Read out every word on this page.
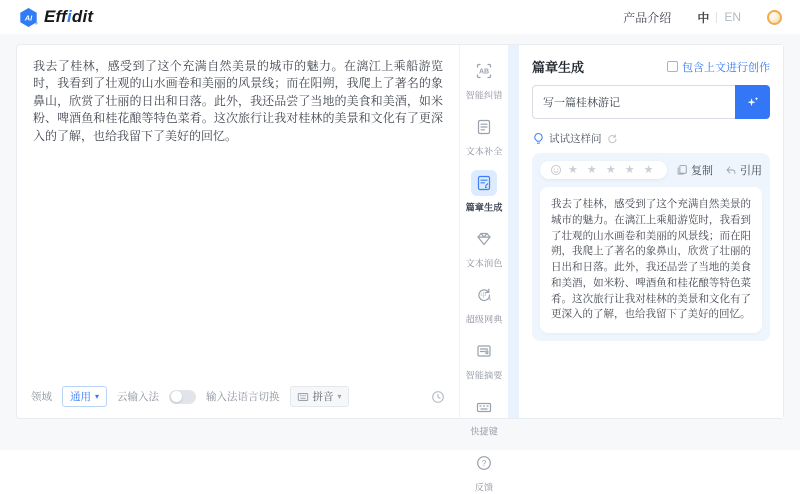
AI Effidit	产品介绍 中 EN
我去了桂林，感受到了这个充满自然美景的城市的魅力。在漓江上乘船游览时，我看到了壮观的山水画卷和美丽的风景线；而在阳朔，我爬上了著名的象鼻山，欣赏了壮丽的日出和日落。此外，我还品尝了当地的美食和美酒，如米粉、啤酒鱼和桂花酿等特色菜肴。这次旅行让我对桂林的美景和文化有了更深入的了解，也给我留下了美好的回忆。
领域 通用
▾ 云输入法	输入法语言切换	拼音
▾
AB
智能纠错
文本补全
篇章生成
文本润色
中 x
超级网典
智能摘要
快捷键
?
反馈
篇章生成	包含上文进行创作
写一篇桂林游记
试试这样问
★ ★ ★ ★ ★	复制 引用
我去了桂林，感受到了这个充满自然美景的城市的魅力。在漓江上乘船游览时，我看到了壮观的山水画卷和美丽的风景线；而在阳朔，我爬上了著名的象鼻山，欣赏了壮丽的日出和日落。此外，我还品尝了当地的美食和美酒，如米粉、啤酒鱼和桂花酿等特色菜肴。这次旅行让我对桂林的美景和文化有了更深入的了解，也给我留下了美好的回忆。
